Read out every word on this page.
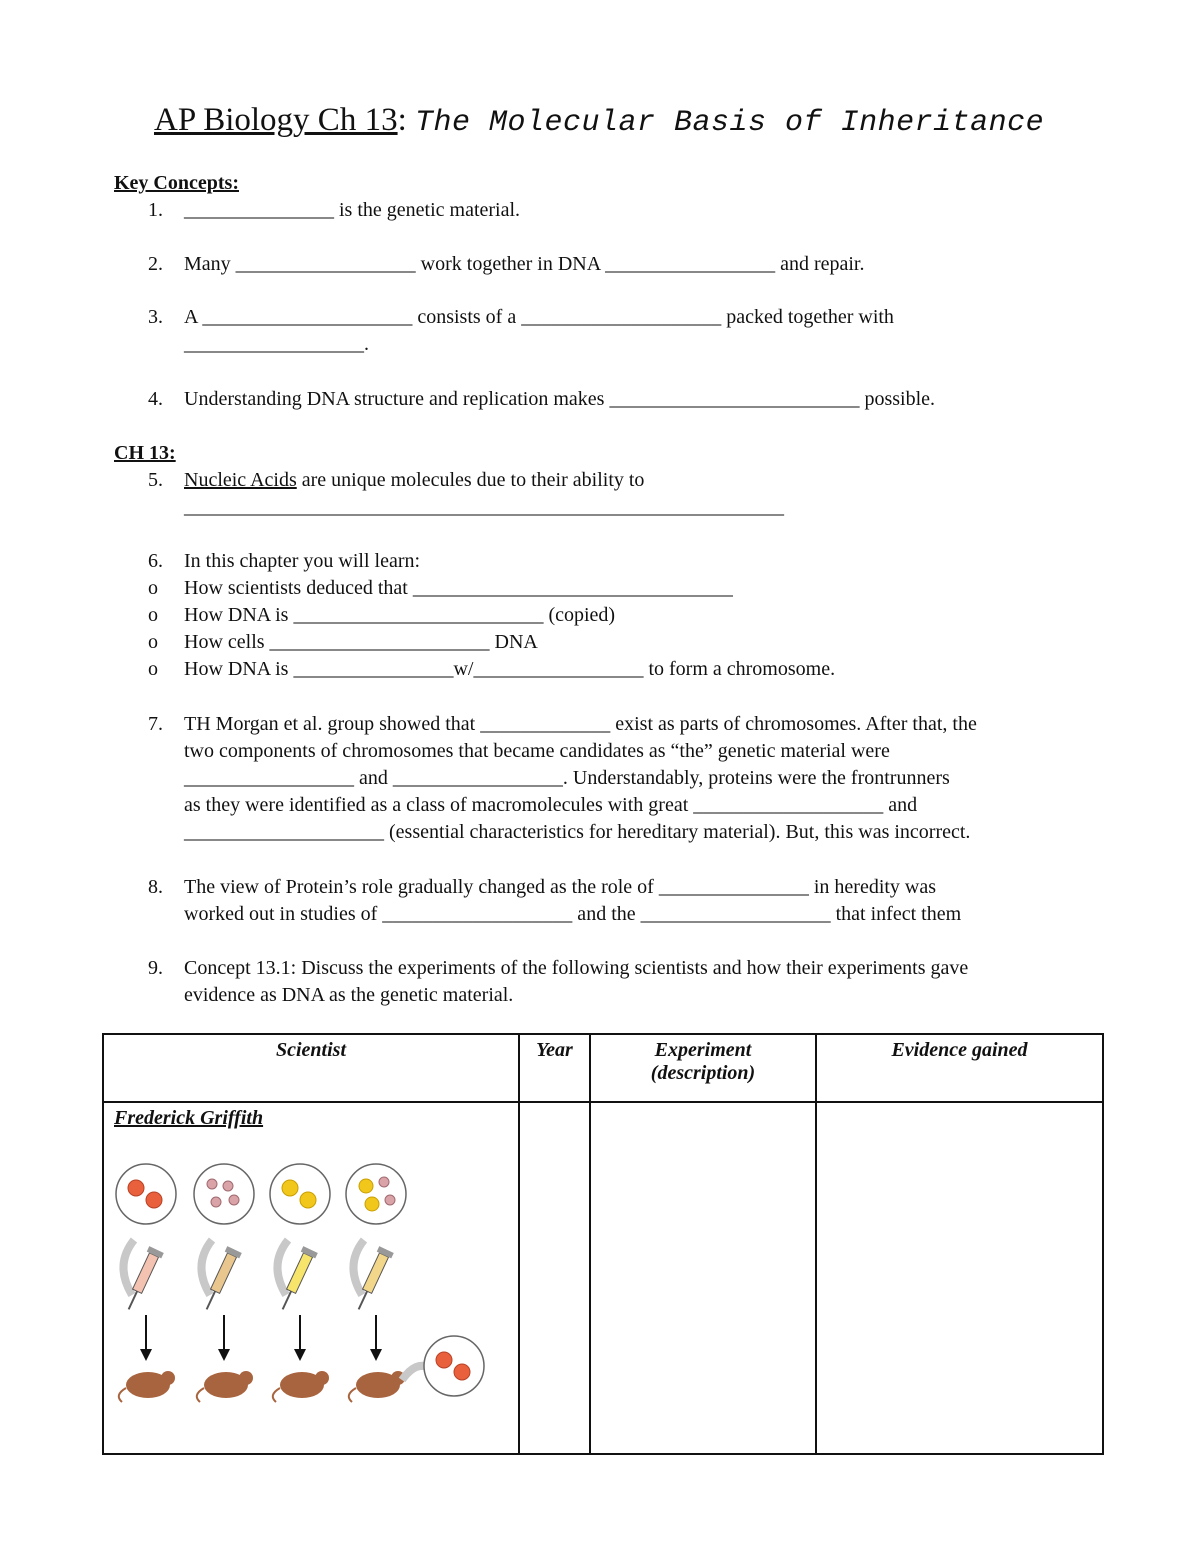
AP Biology Ch 13: The Molecular Basis of Inheritance
Key Concepts:
1. _______________ is the genetic material.
2. Many __________________ work together in DNA _________________ and repair.
3. A _____________________ consists of a ____________________ packed together with
__________________.
4. Understanding DNA structure and replication makes _________________________ possible.
CH 13:
5. Nucleic Acids are unique molecules due to their ability to
____________________________________________________________
6. In this chapter you will learn:
o How scientists deduced that ________________________________
o How DNA is _________________________ (copied)
o How cells ______________________ DNA
o How DNA is ________________w/_________________ to form a chromosome.
7. TH Morgan et al. group showed that _____________ exist as parts of chromosomes. After that, the
two components of chromosomes that became candidates as “the” genetic material were
_________________ and _________________. Understandably, proteins were the frontrunners
as they were identified as a class of macromolecules with great ___________________ and
____________________ (essential characteristics for hereditary material). But, this was incorrect.
8. The view of Protein’s role gradually changed as the role of _______________ in heredity was
worked out in studies of ___________________ and the ___________________ that infect them
9. Concept 13.1: Discuss the experiments of the following scientists and how their experiments gave
evidence as DNA as the genetic material.
Scientist	Year	Experiment
(description)	Evidence gained

Frederick Griffith			
